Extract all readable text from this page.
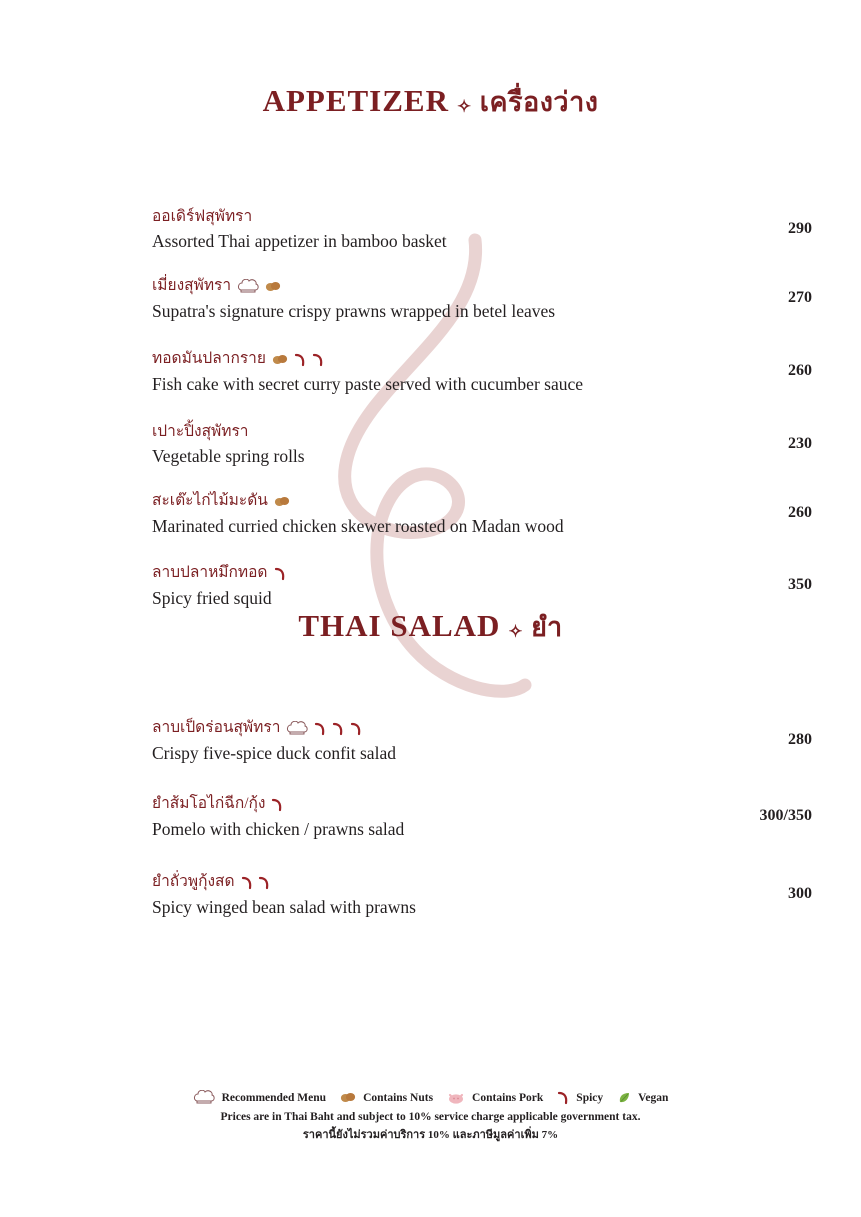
APPETIZER ✧ เครื่องว่าง
ออเดิร์ฟสุพัทรา
Assorted Thai appetizer in bamboo basket
290
เมี่ยงสุพัทรา
Supatra's signature crispy prawns wrapped in betel leaves
270
ทอดมันปลากราย
Fish cake with secret curry paste served with cucumber sauce
260
เปาะปิ้งสุพัทรา
Vegetable spring rolls
230
สะเต๊ะไก่ไม้มะดัน
Marinated curried chicken skewer roasted on Madan wood
260
ลาบปลาหมึกทอด
Spicy fried squid
350
THAI SALAD ✧ ยำ
ลาบเป็ดร่อนสุพัทรา
Crispy five-spice duck confit salad
280
ยำส้มโอไก่ฉีก/กุ้ง
Pomelo with chicken / prawns salad
300/350
ยำถั่วพูกุ้งสด
Spicy winged bean salad with prawns
300
Recommended Menu	Contains Nuts	Contains Pork	Spicy	Vegan
Prices are in Thai Baht and subject to 10% service charge applicable government tax.
ราคานี้ยังไม่รวมค่าบริการ 10% และภาษีมูลค่าเพิ่ม 7%
